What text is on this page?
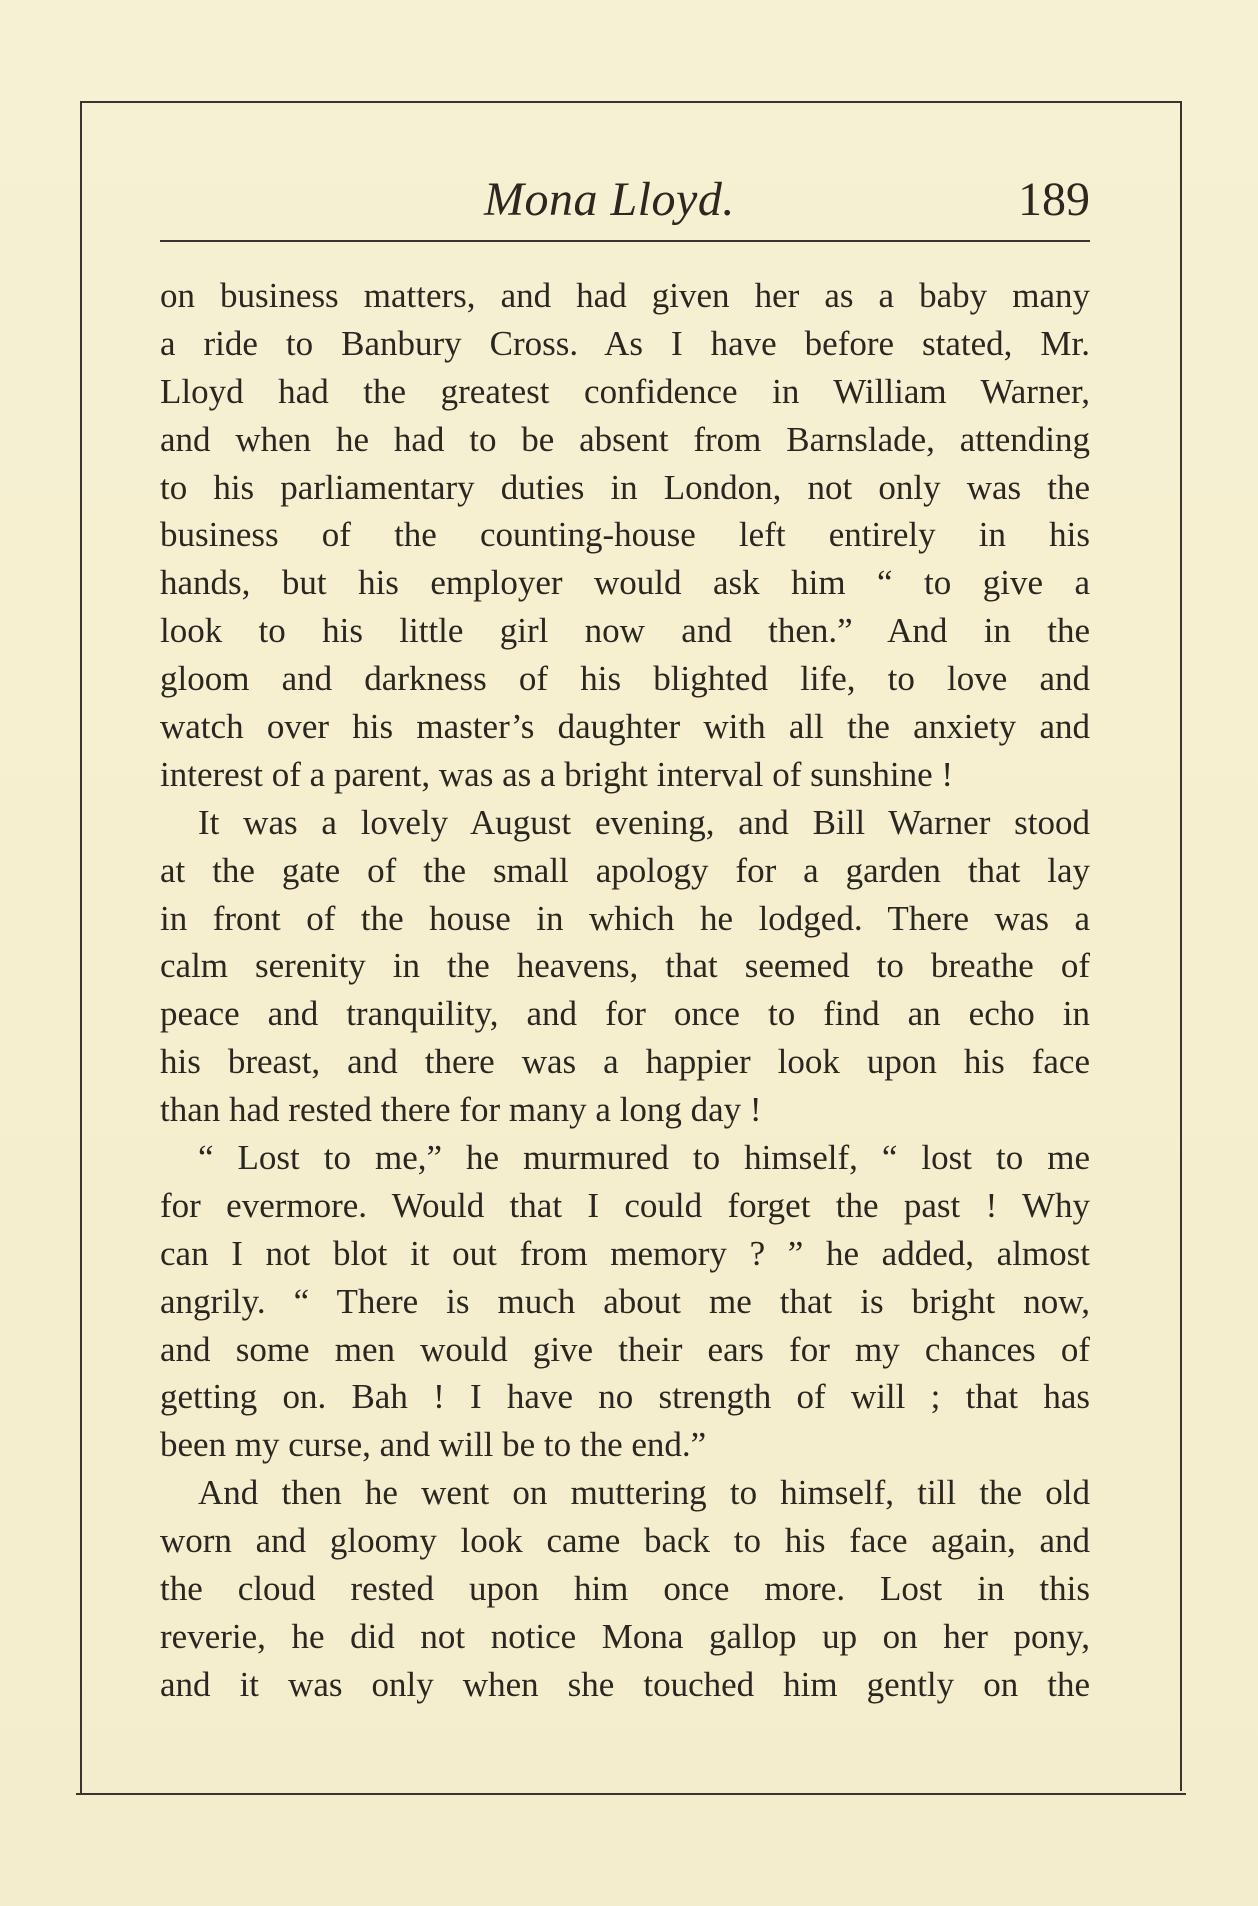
Mona Lloyd.	189
on business matters, and had given her as a baby many
a ride to Banbury Cross. As I have before stated, Mr.
Lloyd had the greatest confidence in William Warner,
and when he had to be absent from Barnslade, attending
to his parliamentary duties in London, not only was the
business of the counting-house left entirely in his
hands, but his employer would ask him “ to give a
look to his little girl now and then.” And in the
gloom and darkness of his blighted life, to love and
watch over his master’s daughter with all the anxiety and
interest of a parent, was as a bright interval of sunshine !
It was a lovely August evening, and Bill Warner stood
at the gate of the small apology for a garden that lay
in front of the house in which he lodged. There was a
calm serenity in the heavens, that seemed to breathe of
peace and tranquility, and for once to find an echo in
his breast, and there was a happier look upon his face
than had rested there for many a long day !
“ Lost to me,” he murmured to himself, “ lost to me
for evermore. Would that I could forget the past ! Why
can I not blot it out from memory ? ” he added, almost
angrily. “ There is much about me that is bright now,
and some men would give their ears for my chances of
getting on. Bah ! I have no strength of will ; that has
been my curse, and will be to the end.”
And then he went on muttering to himself, till the old
worn and gloomy look came back to his face again, and
the cloud rested upon him once more. Lost in this
reverie, he did not notice Mona gallop up on her pony,
and it was only when she touched him gently on the
